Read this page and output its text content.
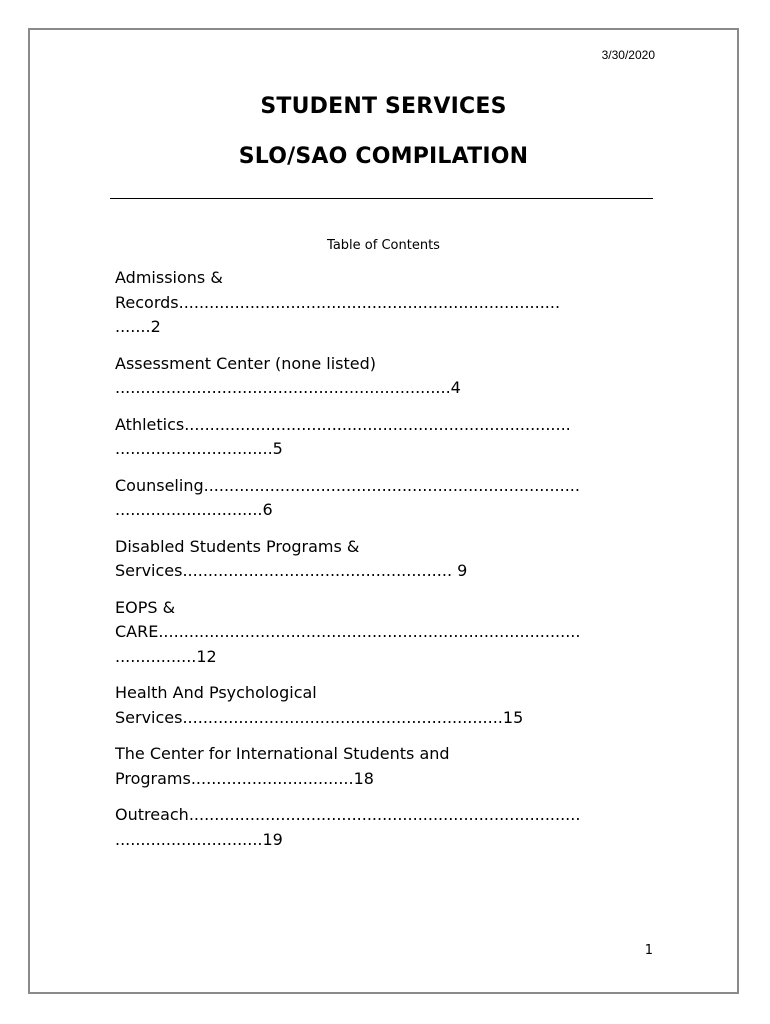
3/30/2020
STUDENT SERVICES
SLO/SAO COMPILATION
Table of Contents
Admissions &
Records...........................................................................
.......2
Assessment Center (none listed)
..................................................................4
Athletics............................................................................
...............................5
Counseling..........................................................................
.............................6
Disabled Students Programs &
Services..................................................... 9
EOPS &
CARE...................................................................................
................12
Health And Psychological
Services...............................................................15
The Center for International Students and
Programs................................18
Outreach.............................................................................
.............................19
1
